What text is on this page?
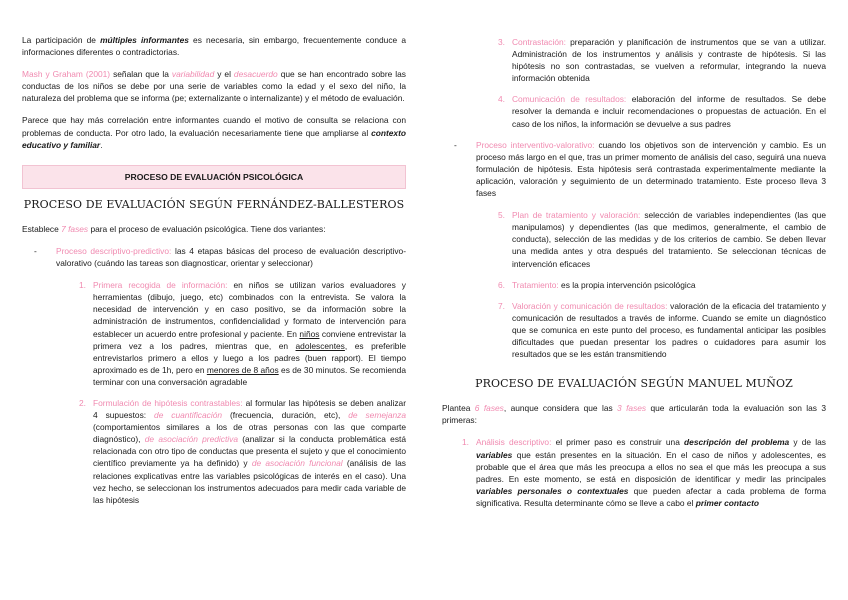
La participación de múltiples informantes es necesaria, sin embargo, frecuentemente conduce a informaciones diferentes o contradictorias.

Mash y Graham (2001) señalan que la variabilidad y el desacuerdo que se han encontrado sobre las conductas de los niños se debe por una serie de variables como la edad y el sexo del niño, la naturaleza del problema que se informa (pe; externalizante o internalizante) y el método de evaluación.

Parece que hay más correlación entre informantes cuando el motivo de consulta se relaciona con problemas de conducta. Por otro lado, la evaluación necesariamente tiene que ampliarse al contexto educativo y familiar.

PROCESO DE EVALUACIÓN PSICOLÓGICA
PROCESO DE EVALUACIÓN SEGÚN FERNÁNDEZ-BALLESTEROS

Establece 7 fases para el proceso de evaluación psicológica. Tiene dos variantes:

- Proceso descriptivo-predictivo: las 4 etapas básicas del proceso de evaluación descriptivo-valorativo (cuándo las tareas son diagnosticar, orientar y seleccionar)

1. Primera recogida de información: en niños se utilizan varios evaluadores y herramientas (dibujo, juego, etc) combinados con la entrevista. Se valora la necesidad de intervención y en caso positivo, se da información sobre la administración de instrumentos, confidencialidad y formato de intervención para establecer un acuerdo entre profesional y paciente. En niños conviene entrevistar la primera vez a los padres, mientras que, en adolescentes, es preferible entrevistarlos primero a ellos y luego a los padres (buen rapport). El tiempo aproximado es de 1h, pero en menores de 8 años es de 30 minutos. Se recomienda terminar con una conversación agradable

2. Formulación de hipótesis contrastables: al formular las hipótesis se deben analizar 4 supuestos: de cuantificación (frecuencia, duración, etc), de semejanza (comportamientos similares a los de otras personas con las que comparte diagnóstico), de asociación predictiva (analizar si la conducta problemática está relacionada con otro tipo de conductas que presenta el sujeto y que el conocimiento científico previamente ya ha definido) y de asociación funcional (análisis de las relaciones explicativas entre las variables psicológicas de interés en el caso). Una vez hecho, se seleccionan los instrumentos adecuados para medir cada variable de las hipótesis

3. Contrastación: preparación y planificación de instrumentos que se van a utilizar. Administración de los instrumentos y análisis y contraste de hipótesis. Si las hipótesis no son contrastadas, se vuelven a reformular, integrando la nueva información obtenida

4. Comunicación de resultados: elaboración del informe de resultados. Se debe resolver la demanda e incluir recomendaciones o propuestas de actuación. En el caso de los niños, la información se devuelve a sus padres

- Proceso interventivo-valorativo: cuando los objetivos son de intervención y cambio. Es un proceso más largo en el que, tras un primer momento de análisis del caso, seguirá una nueva formulación de hipótesis. Esta hipótesis será contrastada experimentalmente mediante la aplicación, valoración y seguimiento de un determinado tratamiento. Este proceso lleva 3 fases

5. Plan de tratamiento y valoración: selección de variables independientes (las que manipulamos) y dependientes (las que medimos, generalmente, el cambio de conducta), selección de las medidas y de los criterios de cambio. Se deben llevar una medida antes y otra después del tratamiento. Se seleccionan técnicas de intervención eficaces

6. Tratamiento: es la propia intervención psicológica

7. Valoración y comunicación de resultados: valoración de la eficacia del tratamiento y comunicación de resultados a través de informe. Cuando se emite un diagnóstico que se comunica en este punto del proceso, es fundamental anticipar las posibles dificultades que puedan presentar los padres o cuidadores para asumir los resultados que se les están transmitiendo

PROCESO DE EVALUACIÓN SEGÚN MANUEL MUÑOZ

Plantea 6 fases, aunque considera que las 3 fases que articularán toda la evaluación son las 3 primeras:

1. Análisis descriptivo: el primer paso es construir una descripción del problema y de las variables que están presentes en la situación. En el caso de niños y adolescentes, es probable que el área que más les preocupa a ellos no sea el que más les preocupa a sus padres. En este momento, se está en disposición de identificar y medir las principales variables personales o contextuales que pueden afectar a cada problema de forma significativa. Resulta determinante cómo se lleve a cabo el primer contacto
